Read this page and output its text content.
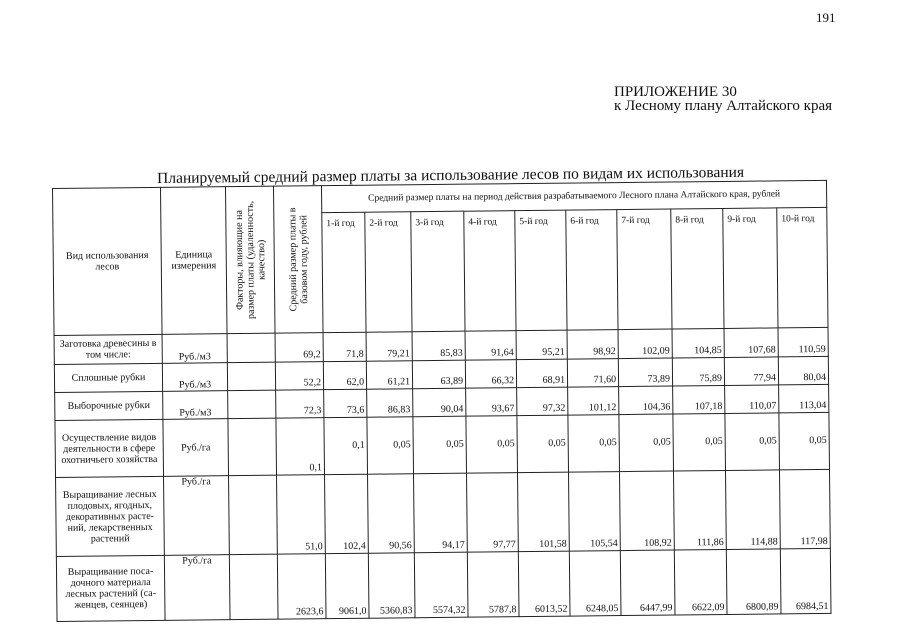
191
ПРИЛОЖЕНИЕ 30
к Лесному плану Алтайского края
Планируемый средний размер платы за использование лесов по видам их использования
Вид использования лесов	Единица измерения	Факторы, влияющие на размер платы (удаленность, качество)	Средний размер платы в базовом году, рублей	Средний размер платы на период действия разрабатываемого Лесного плана Алтайского края, рублей									
				1-й год	2-й год	3-й год	4-й год	5-й год	6-й год	7-й год	8-й год	9-й год	10-й год
Заготовка древесины в том числе:	Руб./м3		69,2	71,8	79,21	85,83	91,64	95,21	98,92	102,09	104,85	107,68	110,59
Сплошные рубки	Руб./м3		52,2	62,0	61,21	63,89	66,32	68,91	71,60	73,89	75,89	77,94	80,04
Выборочные рубки	Руб./м3		72,3	73,6	86,83	90,04	93,67	97,32	101,12	104,36	107,18	110,07	113,04
Осуществление видов деятельности в сфере охотничьего хозяйства	Руб./га		0,1	0,1	0,05	0,05	0,05	0,05	0,05	0,05	0,05	0,05	0,05
Выращивание лесных плодовых, ягодных, декоративных растений, лекарственных растений	Руб./га		51,0	102,4	90,56	94,17	97,77	101,58	105,54	108,92	111,86	114,88	117,98
Выращивание посадочного материала лесных растений (саженцев, сеянцев)	Руб./га		2623,6	9061,0	5360,83	5574,32	5787,8	6013,52	6248,05	6447,99	6622,09	6800,89	6984,51
